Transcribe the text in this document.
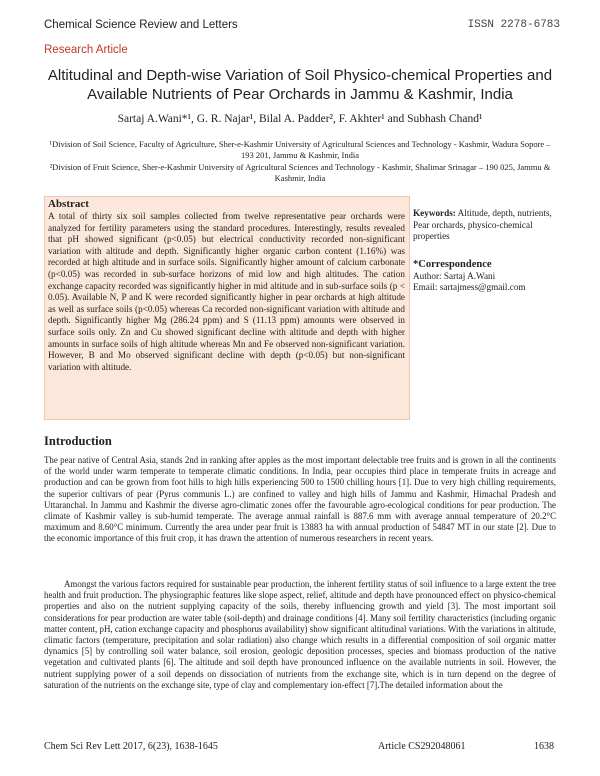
Chemical Science Review and Letters	ISSN 2278-6783
Research Article
Altitudinal and Depth-wise Variation of Soil Physico-chemical Properties and Available Nutrients of Pear Orchards in Jammu & Kashmir, India
Sartaj A.Wani*¹, G. R. Najar¹, Bilal A. Padder², F. Akhter¹ and Subhash Chand¹
¹Division of Soil Science, Faculty of Agriculture, Sher-e-Kashmir University of Agricultural Sciences and Technology - Kashmir, Wadura Sopore – 193 201, Jammu & Kashmir, India
²Division of Fruit Science, Sher-e-Kashmir University of Agricultural Sciences and Technology - Kashmir, Shalimar Srinagar – 190 025, Jammu & Kashmir, India
Abstract
A total of thirty six soil samples collected from twelve representative pear orchards were analyzed for fertility parameters using the standard procedures. Interestingly, results revealed that pH showed significant (p<0.05) but electrical conductivity recorded non-significant variation with altitude and depth. Significantly higher organic carbon content (1.16%) was recorded at high altitude and in surface soils. Significantly higher amount of calcium carbonate (p<0.05) was recorded in sub-surface horizons of mid low and high altitudes. The cation exchange capacity recorded was significantly higher in mid altitude and in sub-surface soils (p < 0.05). Available N, P and K were recorded significantly higher in pear orchards at high altitude as well as surface soils (p<0.05) whereas Ca recorded non-significant variation with altitude and depth. Significantly higher Mg (286.24 ppm) and S (11.13 ppm) amounts were observed in surface soils only. Zn and Cu showed significant decline with altitude and depth with higher amounts in surface soils of high altitude whereas Mn and Fe observed non-significant variation. However, B and Mo observed significant decline with depth (p<0.05) but non-significant variation with altitude.
Keywords: Altitude, depth, nutrients, Pear orchards, physico-chemical properties
*Correspondence
Author: Sartaj A.Wani
Email: sartajmess@gmail.com
Introduction
The pear native of Central Asia, stands 2nd in ranking after apples as the most important delectable tree fruits and is grown in all the continents of the world under warm temperate to temperate climatic conditions. In India, pear occupies third place in temperate fruits in acreage and production and can be grown from foot hills to high hills experiencing 500 to 1500 chilling hours [1]. Due to very high chilling requirements, the superior cultivars of pear (Pyrus communis L.) are confined to valley and high hills of Jammu and Kashmir, Himachal Pradesh and Uttaranchal. In Jammu and Kashmir the diverse agro-climatic zones offer the favourable agro-ecological conditions for pear production. The climate of Kashmir valley is sub-humid temperate. The average annual rainfall is 887.6 mm with average annual temperature of 20.2°C maximum and 8.60°C minimum. Currently the area under pear fruit is 13883 ha with annual production of 54847 MT in our state [2]. Due to the economic importance of this fruit crop, it has drawn the attention of numerous researchers in recent years.
Amongst the various factors required for sustainable pear production, the inherent fertility status of soil influence to a large extent the tree health and fruit production. The physiographic features like slope aspect, relief, altitude and depth have pronounced effect on physico-chemical properties and also on the nutrient supplying capacity of the soils, thereby influencing growth and yield [3]. The most important soil considerations for pear production are water table (soil-depth) and drainage conditions [4]. Many soil fertility characteristics (including organic matter content, pH, cation exchange capacity and phosphorus availability) show significant altitudinal variations. With the variations in altitude, climatic factors (temperature, precipitation and solar radiation) also change which results in a differential composition of soil organic matter dynamics [5] by controlling soil water balance, soil erosion, geologic deposition processes, species and biomass production of the native vegetation and cultivated plants [6]. The altitude and soil depth have pronounced influence on the available nutrients in soil. However, the nutrient supplying power of a soil depends on dissociation of nutrients from the exchange site, which is in turn depend on the degree of saturation of the nutrients on the exchange site, type of clay and complementary ion-effect [7].The detailed information about the
Chem Sci Rev Lett 2017, 6(23), 1638-1645	Article CS292048061	1638
